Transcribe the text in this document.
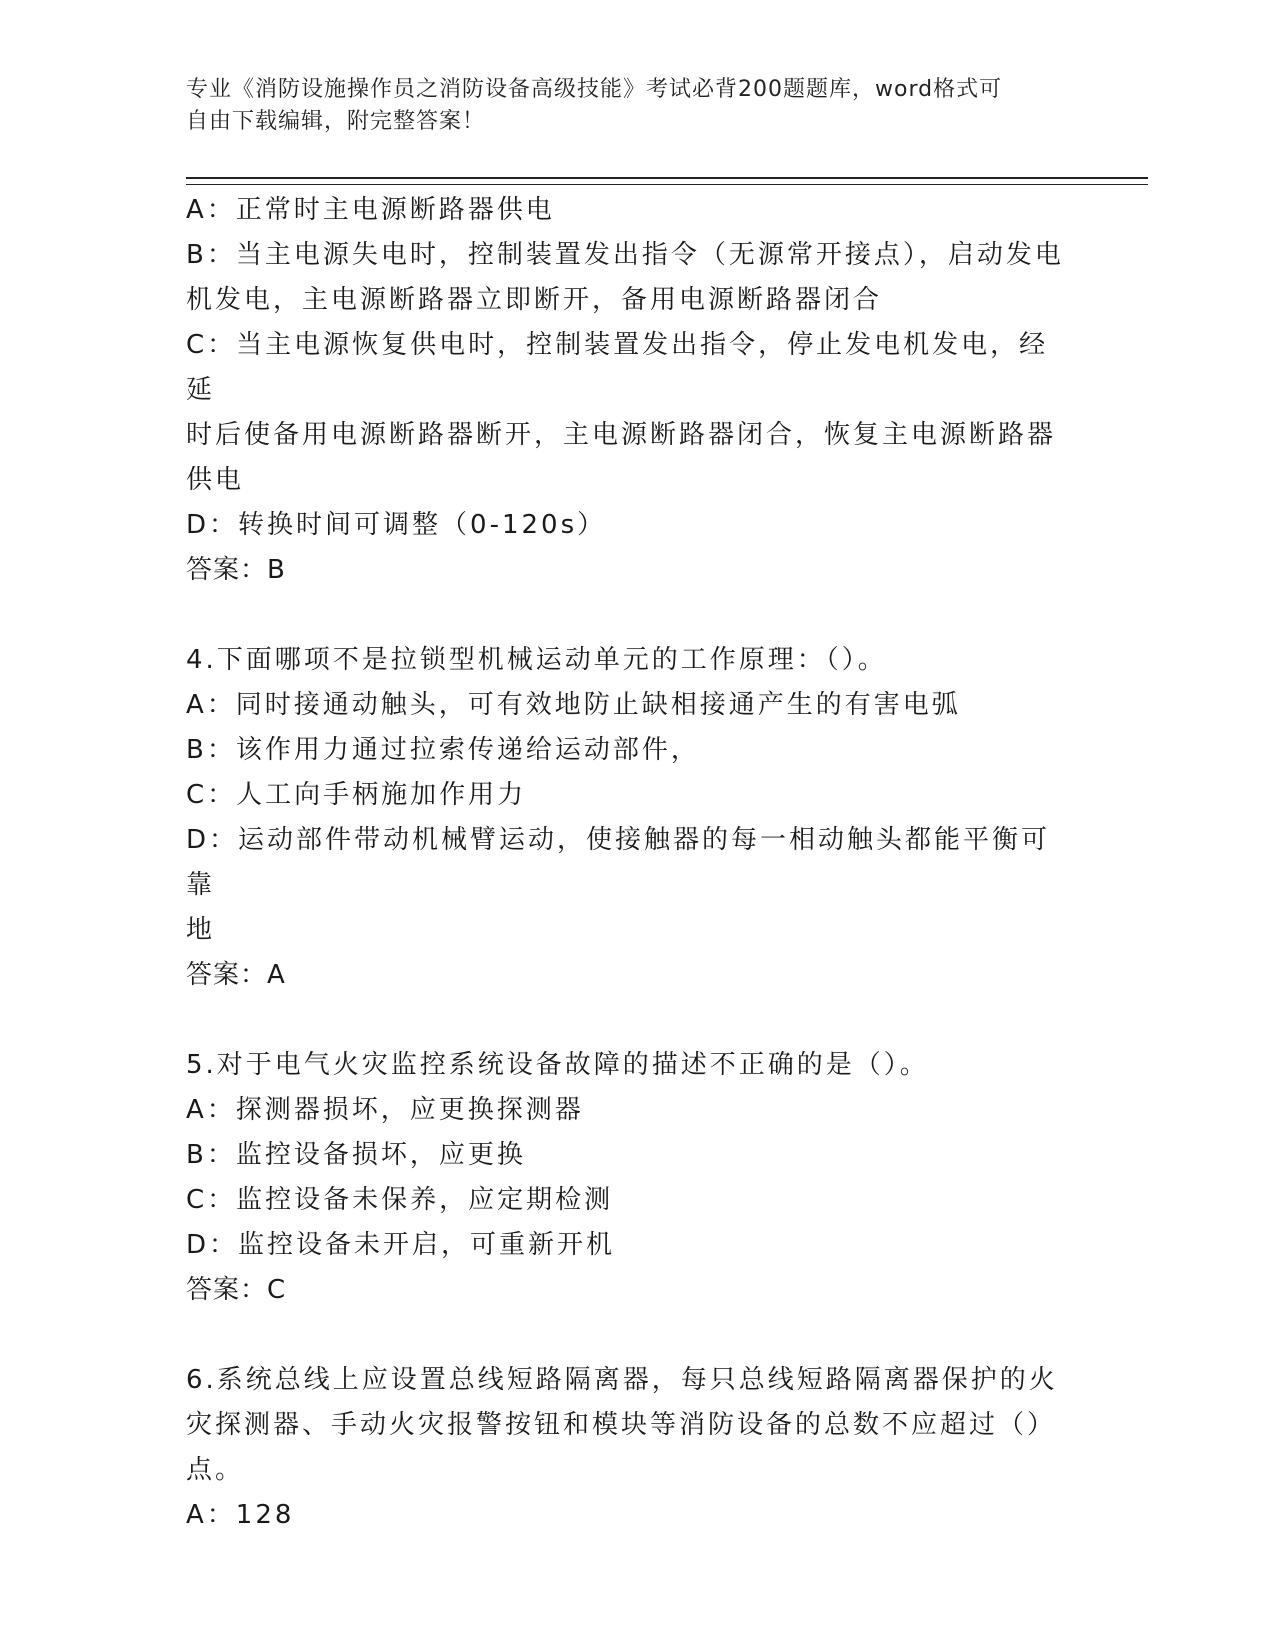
专业《消防设施操作员之消防设备高级技能》考试必背200题题库，word格式可
自由下载编辑，附完整答案！
A：正常时主电源断路器供电
B：当主电源失电时，控制装置发出指令（无源常开接点），启动发电
机发电，主电源断路器立即断开，备用电源断路器闭合
C：当主电源恢复供电时，控制装置发出指令，停止发电机发电，经延
时后使备用电源断路器断开，主电源断路器闭合，恢复主电源断路器
供电
D：转换时间可调整（0-120s）
答案：B
4.下面哪项不是拉锁型机械运动单元的工作原理：（）。
A：同时接通动触头，可有效地防止缺相接通产生的有害电弧
B：该作用力通过拉索传递给运动部件，
C：人工向手柄施加作用力
D：运动部件带动机械臂运动，使接触器的每一相动触头都能平衡可靠
地
答案：A
5.对于电气火灾监控系统设备故障的描述不正确的是（）。
A：探测器损坏，应更换探测器
B：监控设备损坏，应更换
C：监控设备未保养，应定期检测
D：监控设备未开启，可重新开机
答案：C
6.系统总线上应设置总线短路隔离器，每只总线短路隔离器保护的火
灾探测器、手动火灾报警按钮和模块等消防设备的总数不应超过（）
点。
A：128
